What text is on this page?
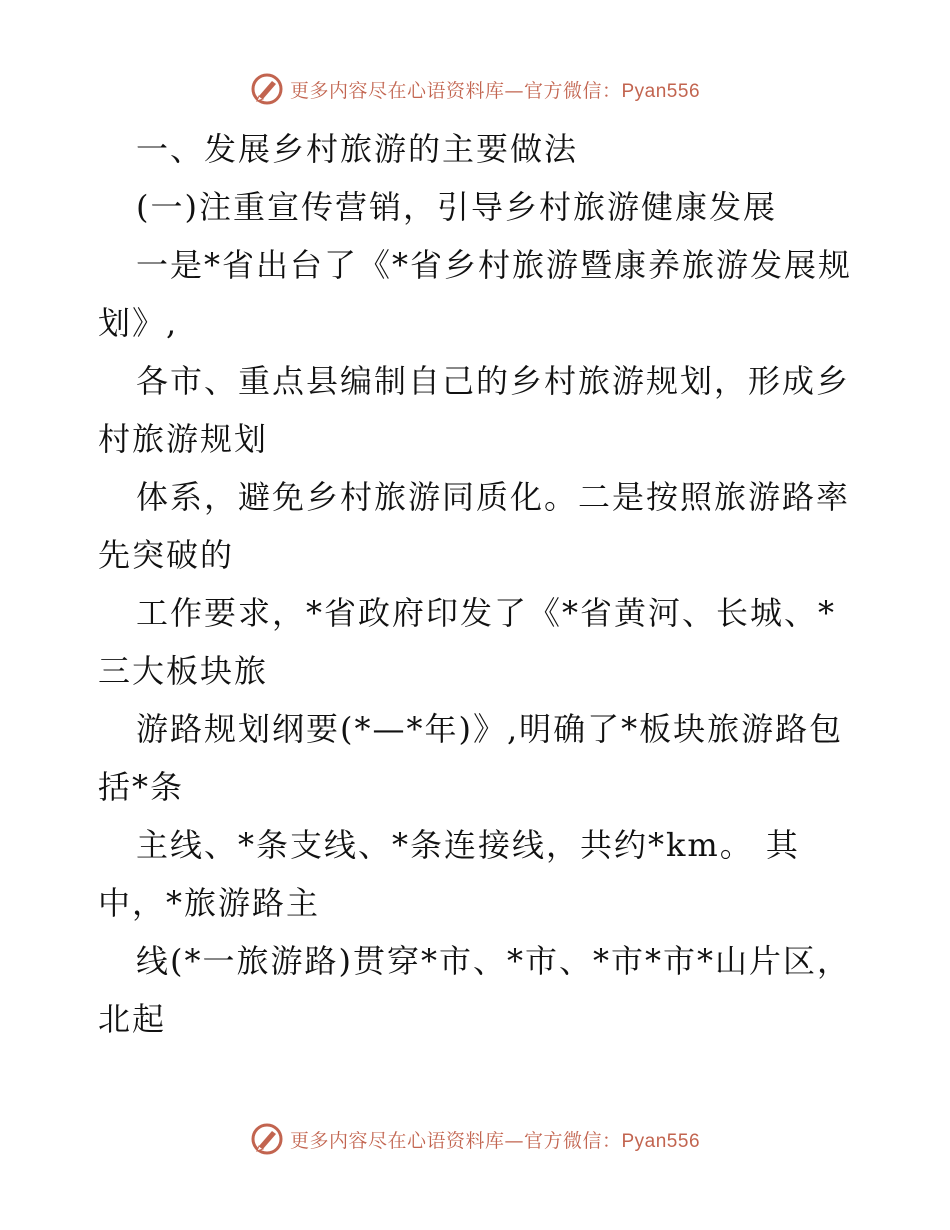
更多内容尽在心语资料库—官方微信：Pyan556
一、发展乡村旅游的主要做法
(一)注重宣传营销，引导乡村旅游健康发展
一是*省出台了《*省乡村旅游暨康养旅游发展规
划》,
各市、重点县编制自己的乡村旅游规划，形成乡
村旅游规划
体系，避免乡村旅游同质化。二是按照旅游路率
先突破的
工作要求，*省政府印发了《*省黄河、长城、*
三大板块旅
游路规划纲要(*—*年)》,明确了*板块旅游路包
括*条
主线、*条支线、*条连接线，共约*km。 其
中，*旅游路主
线(*一旅游路)贯穿*市、*市、*市*市*山片区，
北起
更多内容尽在心语资料库—官方微信：Pyan556
